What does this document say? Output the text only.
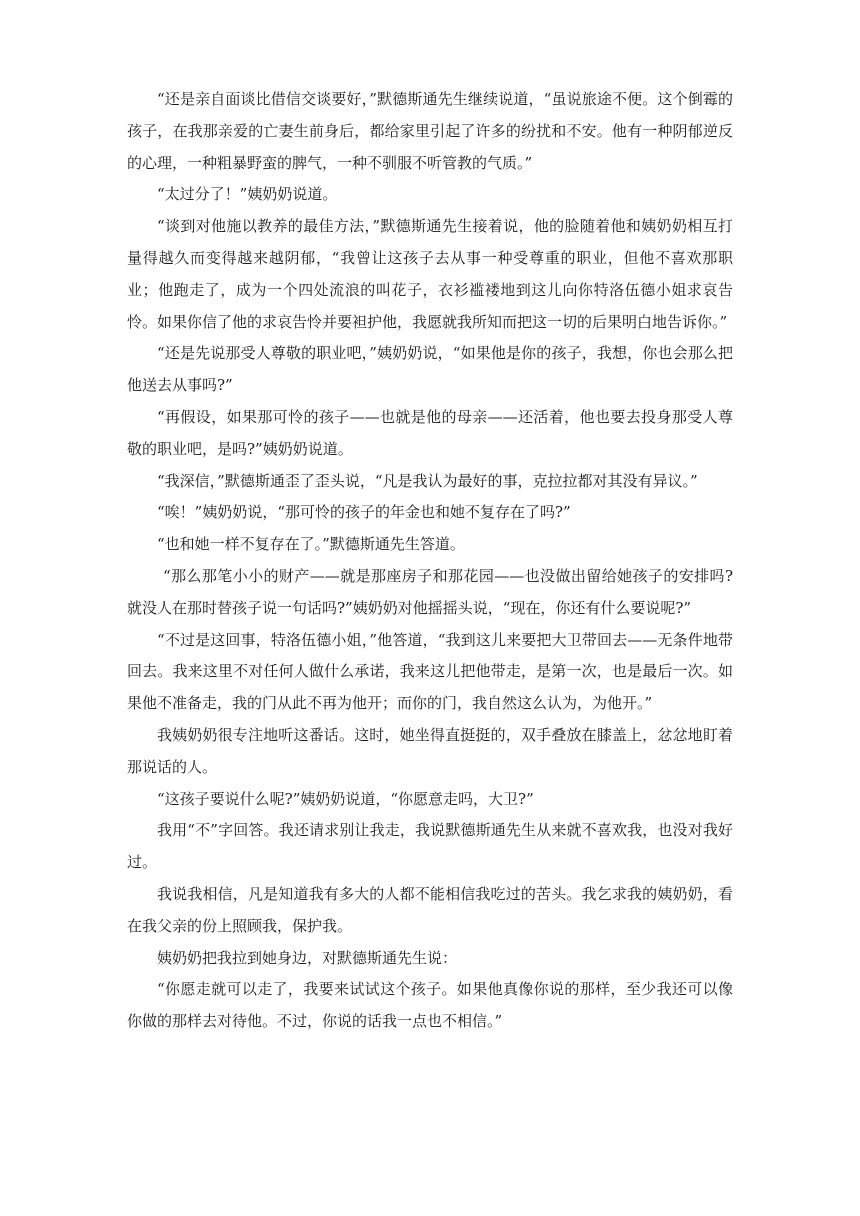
“还是亲自面谈比借信交谈要好，”默德斯通先生继续说道，“虽说旅途不便。这个倒霉的孩子，在我那亲爱的亡妻生前身后，都给家里引起了许多的纷扰和不安。他有一种阴郁逆反的心理，一种粗暴野蛮的脾气，一种不驯服不听管教的气质。”

“太过分了！”姨奶奶说道。

“谈到对他施以教养的最佳方法，”默德斯通先生接着说，他的脸随着他和姨奶奶相互打量得越久而变得越来越阴郁，“我曾让这孩子去从事一种受尊重的职业，但他不喜欢那职业；他跑走了，成为一个四处流浪的叫花子，衣衫褴褛地到这儿向你特洛伍德小姐求哀告怜。如果你信了他的求哀告怜并要袒护他，我愿就我所知而把这一切的后果明白地告诉你。”

“还是先说那受人尊敬的职业吧，”姨奶奶说，“如果他是你的孩子，我想，你也会那么把他送去从事吗?”

“再假设，如果那可怜的孩子——也就是他的母亲——还活着，他也要去投身那受人尊敬的职业吧，是吗?”姨奶奶说道。

“我深信，”默德斯通歪了歪头说，“凡是我认为最好的事，克拉拉都对其没有异议。”

“唉！”姨奶奶说，“那可怜的孩子的年金也和她不复存在了吗?”

“也和她一样不复存在了。”默德斯通先生答道。

“那么那笔小小的财产——就是那座房子和那花园——也没做出留给她孩子的安排吗?就没人在那时替孩子说一句话吗?”姨奶奶对他摇摇头说，“现在，你还有什么要说呢?”

“不过是这回事，特洛伍德小姐，”他答道，“我到这儿来要把大卫带回去——无条件地带回去。我来这里不对任何人做什么承诺，我来这儿把他带走，是第一次，也是最后一次。如果他不准备走，我的门从此不再为他开；而你的门，我自然这么认为，为他开。”

我姨奶奶很专注地听这番话。这时，她坐得直挺挺的，双手叠放在膝盖上，忿忿地盯着那说话的人。

“这孩子要说什么呢?”姨奶奶说道，“你愿意走吗，大卫?”

我用“不”字回答。我还请求别让我走，我说默德斯通先生从来就不喜欢我，也没对我好过。

我说我相信，凡是知道我有多大的人都不能相信我吃过的苦头。我乞求我的姨奶奶，看在我父亲的份上照顾我，保护我。

姨奶奶把我拉到她身边，对默德斯通先生说：

“你愿走就可以走了，我要来试试这个孩子。如果他真像你说的那样，至少我还可以像你做的那样去对待他。不过，你说的话我一点也不相信。”
